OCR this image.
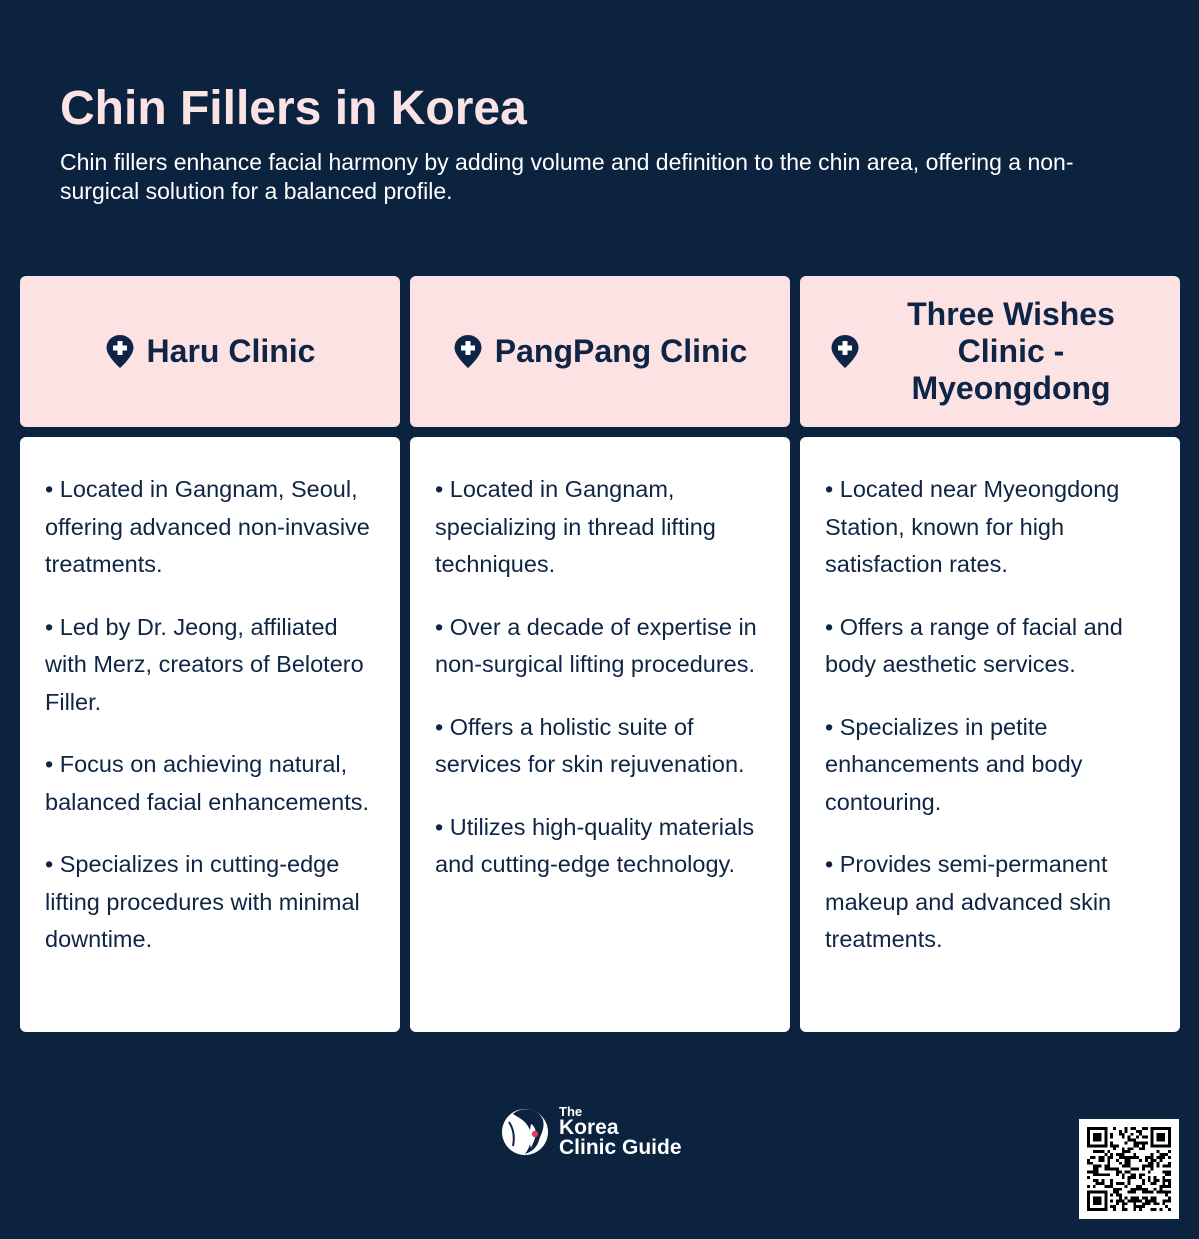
Chin Fillers in Korea

Chin fillers enhance facial harmony by adding volume and definition to the chin area, offering a non-surgical solution for a balanced profile.

Haru Clinic

• Located in Gangnam, Seoul, offering advanced non-invasive treatments.

• Led by Dr. Jeong, affiliated with Merz, creators of Belotero Filler.

• Focus on achieving natural, balanced facial enhancements.

• Specializes in cutting-edge lifting procedures with minimal downtime.

PangPang Clinic

• Located in Gangnam, specializing in thread lifting techniques.

• Over a decade of expertise in non-surgical lifting procedures.

• Offers a holistic suite of services for skin rejuvenation.

• Utilizes high-quality materials and cutting-edge technology.

Three Wishes Clinic - Myeongdong

• Located near Myeongdong Station, known for high satisfaction rates.

• Offers a range of facial and body aesthetic services.

• Specializes in petite enhancements and body contouring.

• Provides semi-permanent makeup and advanced skin treatments.

The
Korea
Clinic Guide
